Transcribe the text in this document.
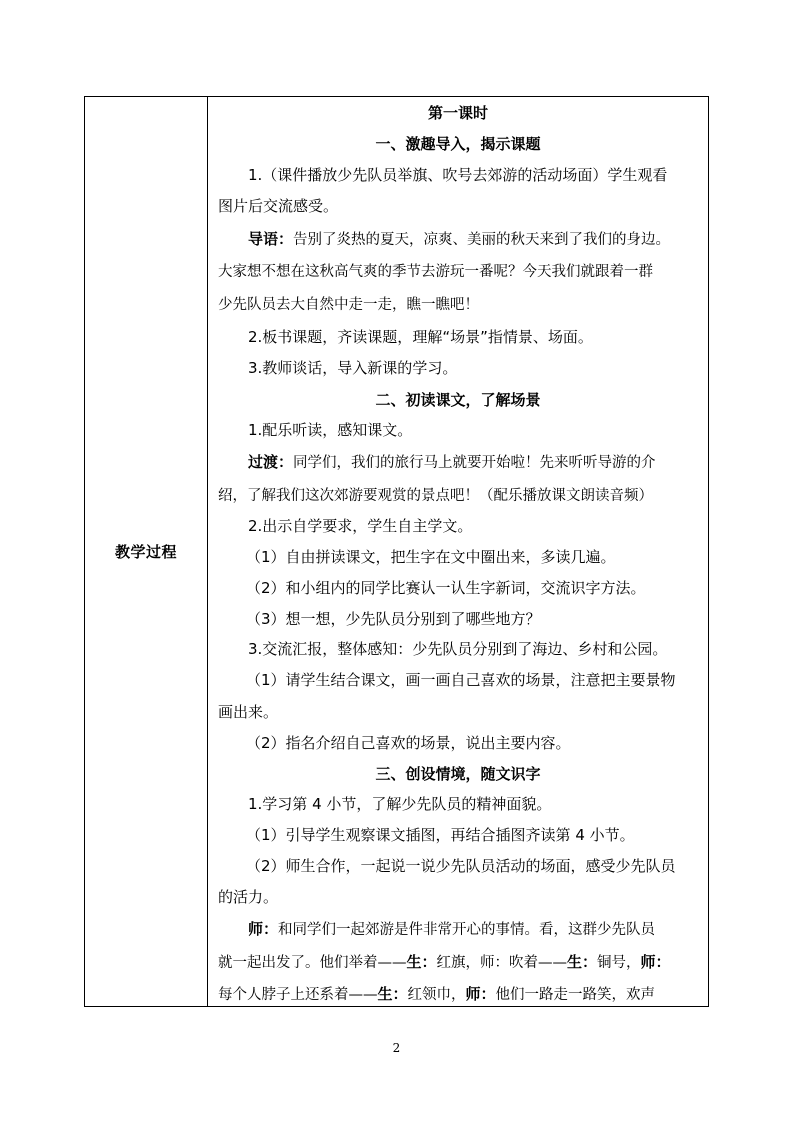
教学过程
第一课时
一、激趣导入，揭示课题
1.（课件播放少先队员举旗、吹号去郊游的活动场面）学生观看
图片后交流感受。
导语：告别了炎热的夏天，凉爽、美丽的秋天来到了我们的身边。
大家想不想在这秋高气爽的季节去游玩一番呢？今天我们就跟着一群
少先队员去大自然中走一走，瞧一瞧吧！
2.板书课题，齐读课题，理解“场景”指情景、场面。
3.教师谈话，导入新课的学习。
二、初读课文，了解场景
1.配乐听读，感知课文。
过渡：同学们，我们的旅行马上就要开始啦！先来听听导游的介
绍，了解我们这次郊游要观赏的景点吧！（配乐播放课文朗读音频）
2.出示自学要求，学生自主学文。
（1）自由拼读课文，把生字在文中圈出来，多读几遍。
（2）和小组内的同学比赛认一认生字新词，交流识字方法。
（3）想一想，少先队员分别到了哪些地方？
3.交流汇报，整体感知：少先队员分别到了海边、乡村和公园。
（1）请学生结合课文，画一画自己喜欢的场景，注意把主要景物
画出来。
（2）指名介绍自己喜欢的场景，说出主要内容。
三、创设情境，随文识字
1.学习第 4 小节，了解少先队员的精神面貌。
（1）引导学生观察课文插图，再结合插图齐读第 4 小节。
（2）师生合作，一起说一说少先队员活动的场面，感受少先队员
的活力。
师：和同学们一起郊游是件非常开心的事情。看，这群少先队员
就一起出发了。他们举着——生：红旗，师：吹着——生：铜号，师：
每个人脖子上还系着——生：红领巾，师：他们一路走一路笑，欢声
2
